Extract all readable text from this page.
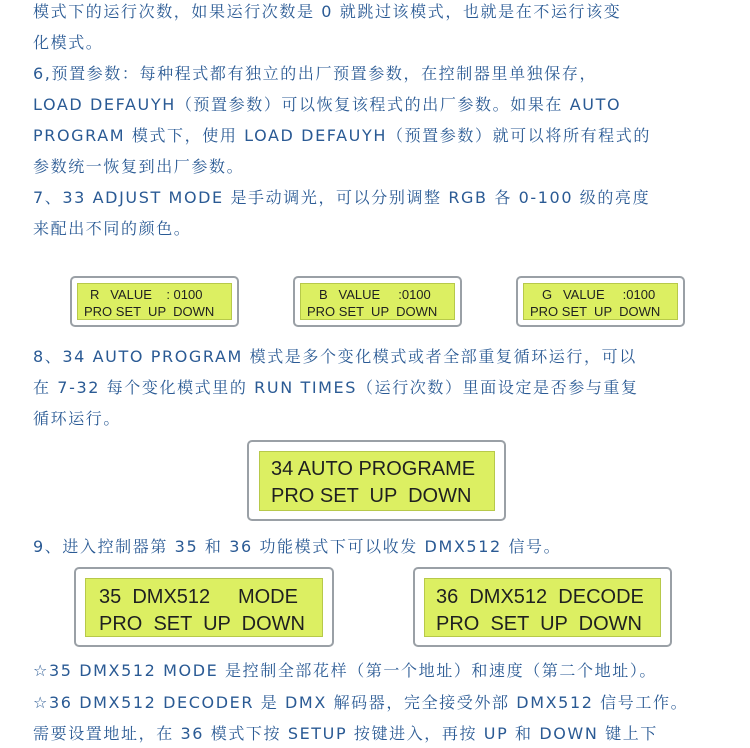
模式下的运行次数，如果运行次数是 0 就跳过该模式，也就是在不运行该变
化模式。
6,预置参数：每种程式都有独立的出厂预置参数，在控制器里单独保存，
LOAD DEFAUYH（预置参数）可以恢复该程式的出厂参数。如果在 AUTO
PROGRAM 模式下，使用 LOAD DEFAUYH（预置参数）就可以将所有程式的
参数统一恢复到出厂参数。
7、33 ADJUST MODE 是手动调光，可以分别调整 RGB 各 0-100 级的亮度
来配出不同的颜色。
R   VALUE    : 0100
PRO SET  UP  DOWN
B   VALUE     :0100
PRO SET  UP  DOWN
G   VALUE     :0100
PRO SET  UP  DOWN
8、34 AUTO PROGRAM 模式是多个变化模式或者全部重复循环运行，可以
在 7-32 每个变化模式里的 RUN TIMES（运行次数）里面设定是否参与重复
循环运行。
34 AUTO PROGRAME
PRO SET  UP  DOWN
9、进入控制器第 35 和 36 功能模式下可以收发 DMX512 信号。
35  DMX512     MODE
PRO  SET  UP  DOWN
36  DMX512  DECODE
PRO  SET  UP  DOWN
☆35 DMX512 MODE 是控制全部花样（第一个地址）和速度（第二个地址）。
☆36 DMX512 DECODER 是 DMX 解码器，完全接受外部 DMX512 信号工作。
需要设置地址，在 36 模式下按 SETUP 按键进入，再按 UP 和 DOWN 键上下
